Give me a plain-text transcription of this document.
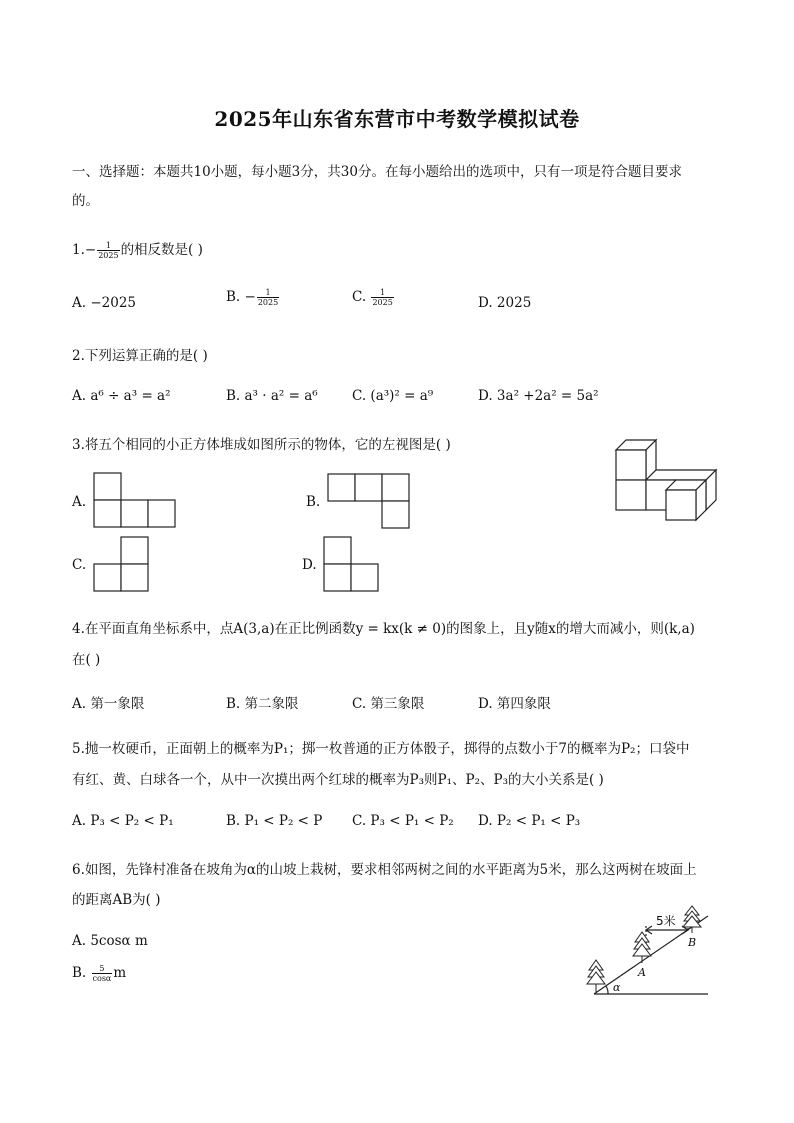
2025年山东省东营市中考数学模拟试卷
一、选择题：本题共10小题，每小题3分，共30分。在每小题给出的选项中，只有一项是符合题目要求
的。
$1.- \frac{1}{2025}$ 的相反数是( )
A. −2025	B. − $\frac{1}{2025}$	C. $\frac{1}{2025}$	D. 2025
2.下列运算正确的是( )
A. a⁶ ÷ a³ = a²	B. a³ · a² = a⁶	C. (a³)² = a⁹	D. 3a² +2a² = 5a²
3.将五个相同的小正方体堆成如图所示的物体，它的左视图是( )
A.	B.
C.	D.
4.在平面直角坐标系中，点A(3,a)在正比例函数y = kx(k ≠ 0)的图象上，且y随x的增大而减小，则(k,a)
在( )
A. 第一象限	B. 第二象限	C. 第三象限	D. 第四象限
5.抛一枚硬币，正面朝上的概率为P₁；掷一枚普通的正方体骰子，掷得的点数小于7的概率为P₂；口袋中
有红、黄、白球各一个，从中一次摸出两个红球的概率为P₃则P₁、P₂、P₃的大小关系是( )
A. P₃ < P₂ < P₁	B. P₁ < P₂ < P C. P₃ < P₁ < P₂ D. P₂ < P₁ < P₃
6.如图，先锋村准备在坡角为α的山坡上栽树，要求相邻两树之间的水平距离为5米，那么这两树在坡面上
的距离AB为( )
A. 5cosα m
B. $\frac{5}{\cos\alpha}$ m
5米
A
B
α
